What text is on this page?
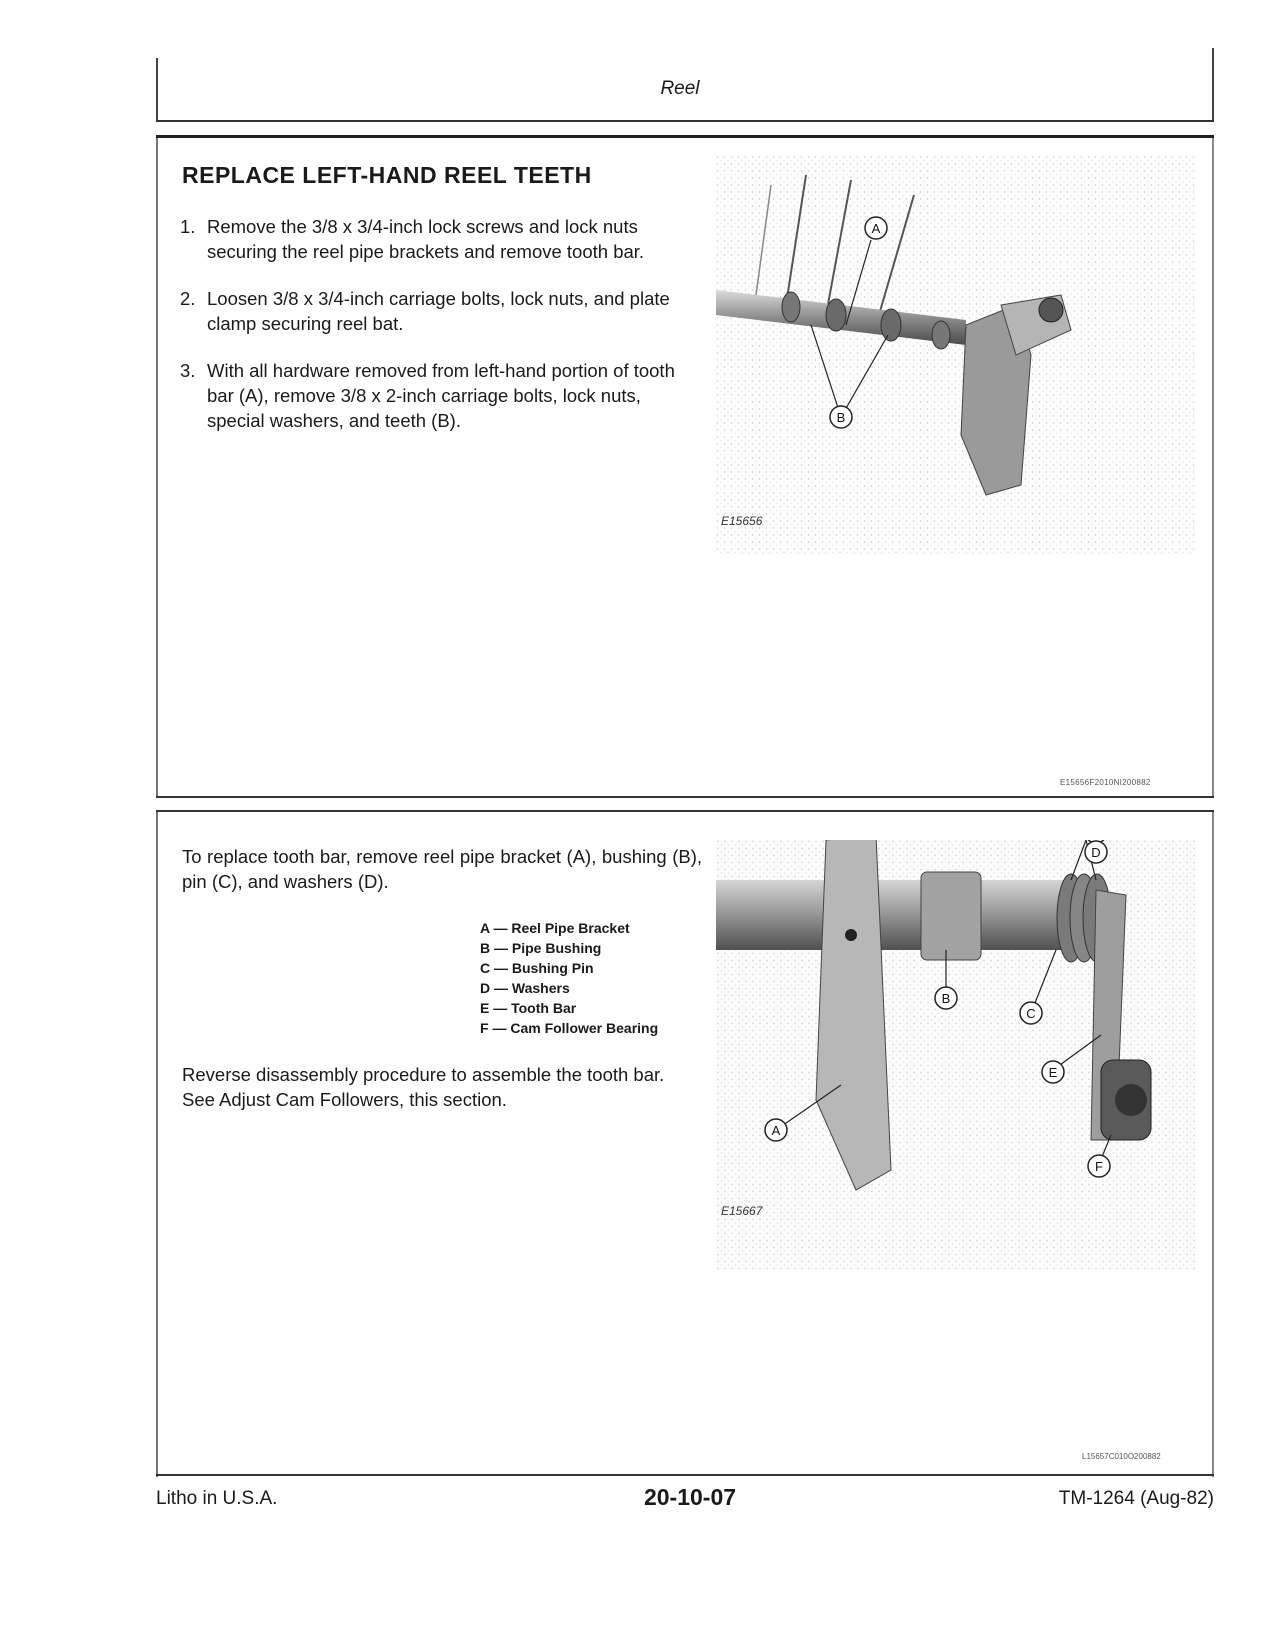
Reel
REPLACE LEFT-HAND REEL TEETH
1. Remove the 3/8 x 3/4-inch lock screws and lock nuts securing the reel pipe brackets and remove tooth bar.
2. Loosen 3/8 x 3/4-inch carriage bolts, lock nuts, and plate clamp securing reel bat.
3. With all hardware removed from left-hand portion of tooth bar (A), remove 3/8 x 2-inch carriage bolts, lock nuts, special washers, and teeth (B).
A
B
E15656
E15656F2010NI200882
To replace tooth bar, remove reel pipe bracket (A), bushing (B), pin (C), and washers (D).
A — Reel Pipe Bracket
B — Pipe Bushing
C — Bushing Pin
D — Washers
E — Tooth Bar
F — Cam Follower Bearing
Reverse disassembly procedure to assemble the tooth bar. See Adjust Cam Followers, this section.
A
B
C
D
E
F
E15667
L15657C010O200882
Litho in U.S.A.	20-10-07	TM-1264 (Aug-82)
